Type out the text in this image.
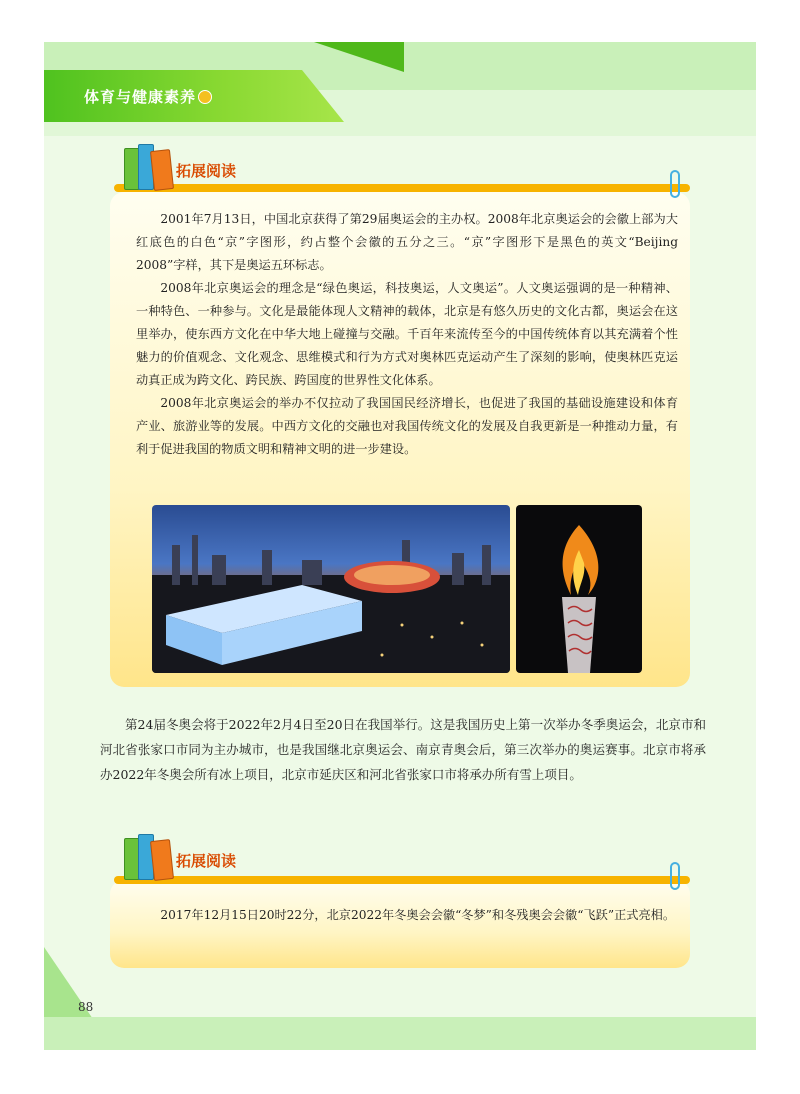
体育与健康素养
拓展阅读

2001年7月13日，中国北京获得了第29届奥运会的主办权。2008年北京奥运会的会徽上部为大红底色的白色“京”字图形，约占整个会徽的五分之三。“京”字图形下是黑色的英文“Beijing 2008”字样，其下是奥运五环标志。

2008年北京奥运会的理念是“绿色奥运，科技奥运，人文奥运”。人文奥运强调的是一种精神、一种特色、一种参与。文化是最能体现人文精神的载体，北京是有悠久历史的文化古都，奥运会在这里举办，使东西方文化在中华大地上碰撞与交融。千百年来流传至今的中国传统体育以其充满着个性魅力的价值观念、文化观念、思维模式和行为方式对奥林匹克运动产生了深刻的影响，使奥林匹克运动真正成为跨文化、跨民族、跨国度的世界性文化体系。

2008年北京奥运会的举办不仅拉动了我国国民经济增长，也促进了我国的基础设施建设和体育产业、旅游业等的发展。中西方文化的交融也对我国传统文化的发展及自我更新是一种推动力量，有利于促进我国的物质文明和精神文明的进一步建设。

第24届冬奥会将于2022年2月4日至20日在我国举行。这是我国历史上第一次举办冬季奥运会，北京市和河北省张家口市同为主办城市，也是我国继北京奥运会、南京青奥会后，第三次举办的奥运赛事。北京市将承办2022年冬奥会所有冰上项目，北京市延庆区和河北省张家口市将承办所有雪上项目。

拓展阅读

2017年12月15日20时22分，北京2022年冬奥会会徽“冬梦”和冬残奥会会徽“飞跃”正式亮相。

88
